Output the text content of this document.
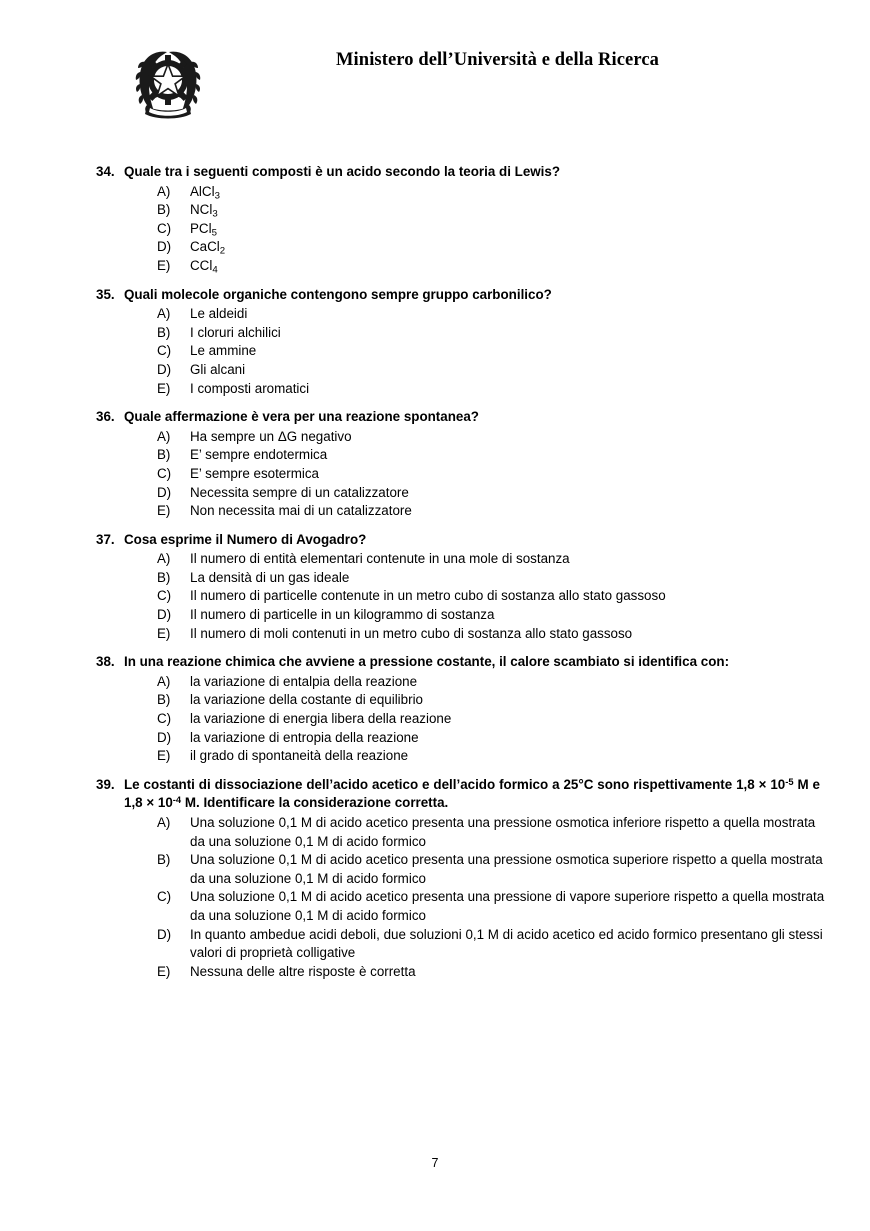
Ministero dell’Università e della Ricerca
34. Quale tra i seguenti composti è un acido secondo la teoria di Lewis?
A)	AlCl$_3$
B)	NCl$_3$
C)	PCl$_5$
D)	CaCl$_2$
E)	CCl$_4$
35. Quali molecole organiche contengono sempre gruppo carbonilico?
A)	Le aldeidi
B)	I cloruri alchilici
C)	Le ammine
D)	Gli alcani
E)	I composti aromatici
36. Quale affermazione è vera per una reazione spontanea?
A)	Ha sempre un ΔG negativo
B)	E’ sempre endotermica
C)	E’ sempre esotermica
D)	Necessita sempre di un catalizzatore
E)	Non necessita mai di un catalizzatore
37. Cosa esprime il Numero di Avogadro?
A)	Il numero di entità elementari contenute in una mole di sostanza
B)	La densità di un gas ideale
C)	Il numero di particelle contenute in un metro cubo di sostanza allo stato gassoso
D)	Il numero di particelle in un kilogrammo di sostanza
E)	Il numero di moli contenuti in un metro cubo di sostanza allo stato gassoso
38. In una reazione chimica che avviene a pressione costante, il calore scambiato si identifica con:
A)	la variazione di entalpia della reazione
B)	la variazione della costante di equilibrio
C)	la variazione di energia libera della reazione
D)	la variazione di entropia della reazione
E)	il grado di spontaneità della reazione
39. Le costanti di dissociazione dell’acido acetico e dell’acido formico a 25°C sono rispettivamente $1,8 \times 10^{-5}$ M e $1,8 \times 10^{-4}$ M. Identificare la considerazione corretta.
A)	Una soluzione 0,1 M di acido acetico presenta una pressione osmotica inferiore rispetto a quella mostrata da una soluzione 0,1 M di acido formico
B)	Una soluzione 0,1 M di acido acetico presenta una pressione osmotica superiore rispetto a quella mostrata da una soluzione 0,1 M di acido formico
C)	Una soluzione 0,1 M di acido acetico presenta una pressione di vapore superiore rispetto a quella mostrata da una soluzione 0,1 M di acido formico
D)	In quanto ambedue acidi deboli, due soluzioni 0,1 M di acido acetico ed acido formico presentano gli stessi valori di proprietà colligative
E)	Nessuna delle altre risposte è corretta
7
